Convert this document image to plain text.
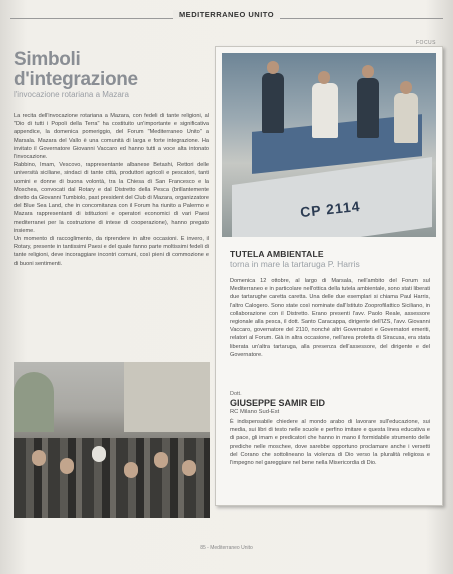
MEDITERRANEO UNITO
Simboli d'integrazione
l'invocazione rotariana a Mazara

La recita dell'invocazione rotariana a Mazara, con fedeli di tante religioni, al "Dio di tutti i Popoli della Terra" ha costituito un'importante e significativa appendice, la domenica pomeriggio, del Forum "Mediterraneo Unito" a Marsala. Mazara del Vallo è una comunità di larga e forte integrazione. Ha invitato il Governatore Giovanni Vaccaro ed hanno tutti a voce alta intonato l'invocazione.

Rabbino, Imam, Vescovo, rappresentante albanese Betashi, Rettori delle università siciliane, sindaci di tante città, produttori agricoli e pescatori, tanti uomini e donne di buona volontà, tra la Chiesa di San Francesco e la Moschea, convocati dal Rotary e dal Distretto della Pesca (brillantemente diretto da Giovanni Tumbiolo, past president del Club di Mazara, organizzatore del Blue Sea Land, che in concomitanza con il Forum ha riunito a Palermo e Mazara rappresentanti di istituzioni e operatori economici di vari Paesi mediterranei per la costruzione di intese di cooperazione), hanno pregato insieme.

Un momento di raccoglimento, da riprendere in altre occasioni. E invero, il Rotary, presente in tantissimi Paesi e del quale fanno parte moltissimi fedeli di tante religioni, deve incoraggiare incontri comuni, così pieni di commozione e di buoni sentimenti.

FOCUS
CP 2114
TUTELA AMBIENTALE
torna in mare la tartaruga P. Harris
Domenica 12 ottobre, al largo di Marsala, nell'ambito del Forum sul Mediterraneo e in particolare nell'ottica della tutela ambientale, sono stati liberati due tartarughe caretta caretta. Una delle due esemplari si chiama Paul Harris, l'altro Calogero. Sono state così nominate dall'Istituto Zooprofilattico Siciliano, in collaborazione con il Distretto. Erano presenti l'avv. Paolo Reale, assessore regionale alla pesca, il dott. Santo Caracappa, dirigente dell'IZS, l'avv. Giovanni Vaccaro, governatore del 2110, nonché altri Governatori e Governatori emeriti, relatori al Forum. Già in altra occasione, nell'area protetta di Siracusa, era stata liberata un'altra tartaruga, alla presenza dell'assessore, del dirigente e del Governatore.
Dott.
GIUSEPPE SAMIR EID
RC Milano Sud-Est
È indispensabile chiedere al mondo arabo di lavorare sull'educazione, sui media, sui libri di testo nelle scuole e perfino imitare e questa linea educativa e di pace, gli imam e predicatori che hanno in mano il formidabile strumento delle prediche nelle moschee, dove sarebbe opportuno proclamare anche i versetti del Corano che sottolineano la violenza di Dio verso la pluralità religiosa e l'impegno nel gareggiare nel bene nella Misericordia di Dio.
85 - Mediterraneo Unito
